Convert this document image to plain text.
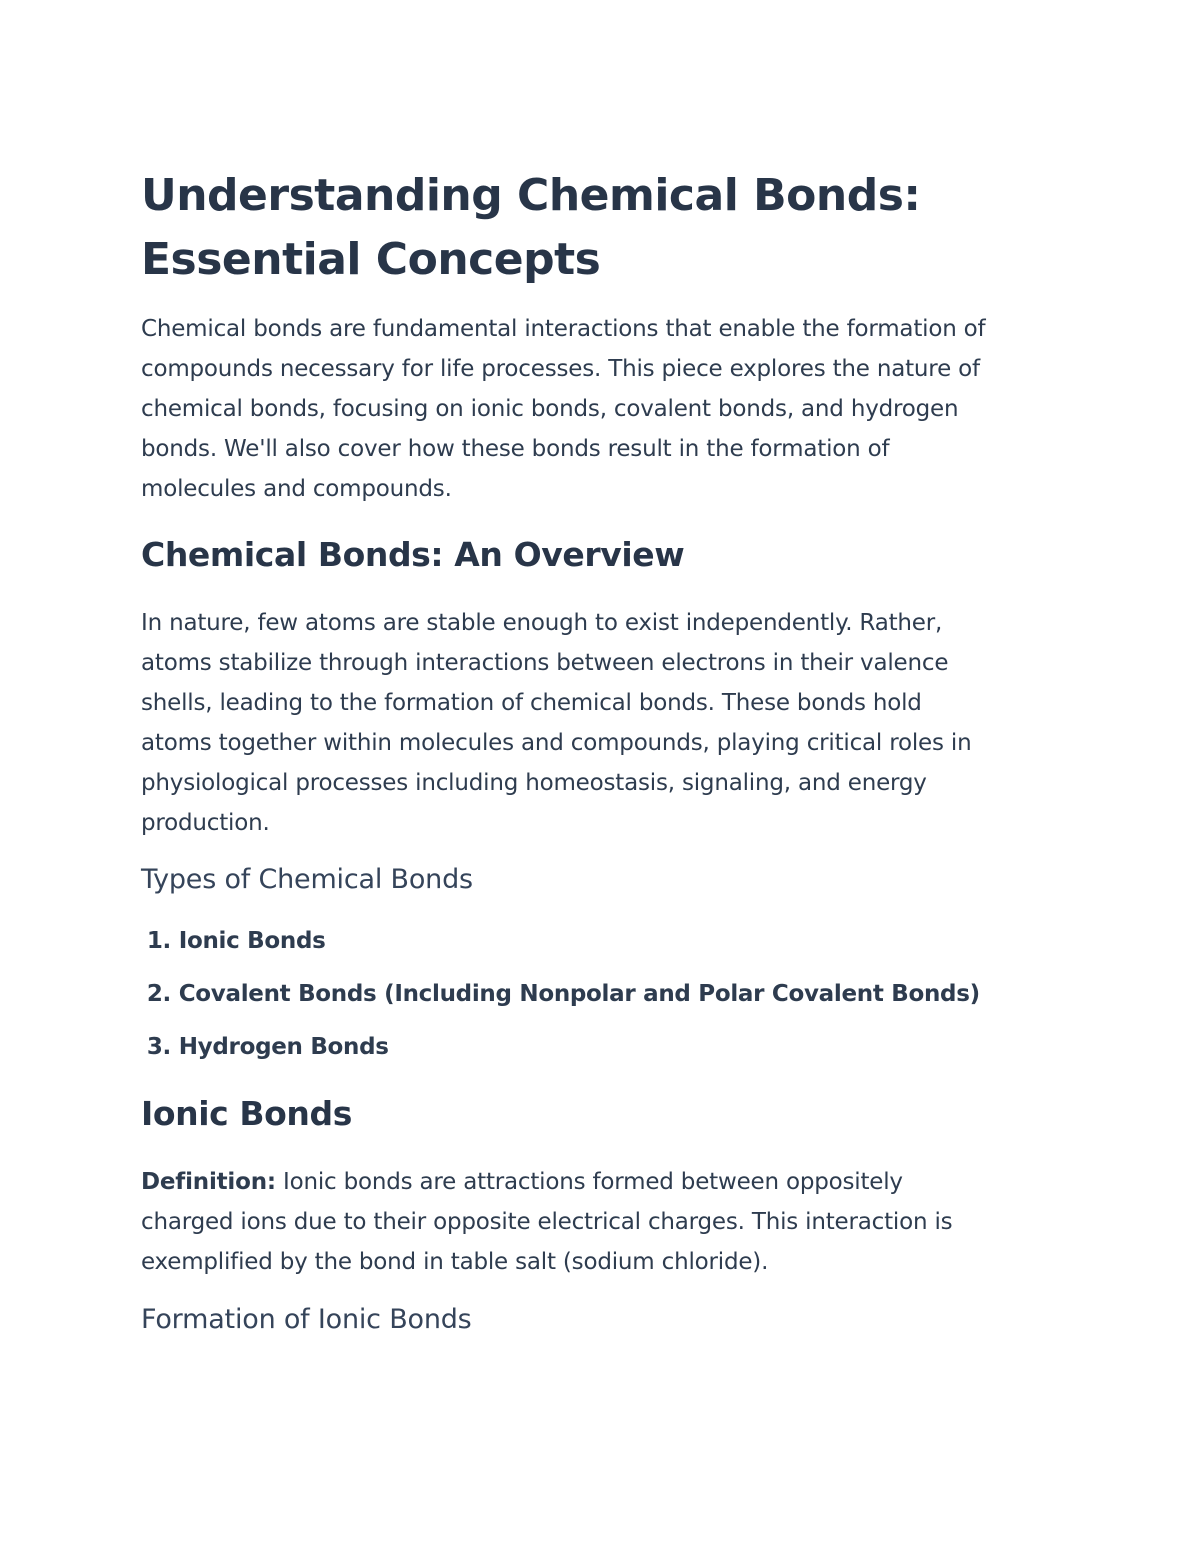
Understanding Chemical Bonds:
Essential Concepts

Chemical bonds are fundamental interactions that enable the formation of
compounds necessary for life processes. This piece explores the nature of
chemical bonds, focusing on ionic bonds, covalent bonds, and hydrogen
bonds. We'll also cover how these bonds result in the formation of
molecules and compounds.

Chemical Bonds: An Overview

In nature, few atoms are stable enough to exist independently. Rather,
atoms stabilize through interactions between electrons in their valence
shells, leading to the formation of chemical bonds. These bonds hold
atoms together within molecules and compounds, playing critical roles in
physiological processes including homeostasis, signaling, and energy
production.

Types of Chemical Bonds
1. Ionic Bonds
2. Covalent Bonds (Including Nonpolar and Polar Covalent Bonds)
3. Hydrogen Bonds
Ionic Bonds

Definition: Ionic bonds are attractions formed between oppositely
charged ions due to their opposite electrical charges. This interaction is
exemplified by the bond in table salt (sodium chloride).

Formation of Ionic Bonds
